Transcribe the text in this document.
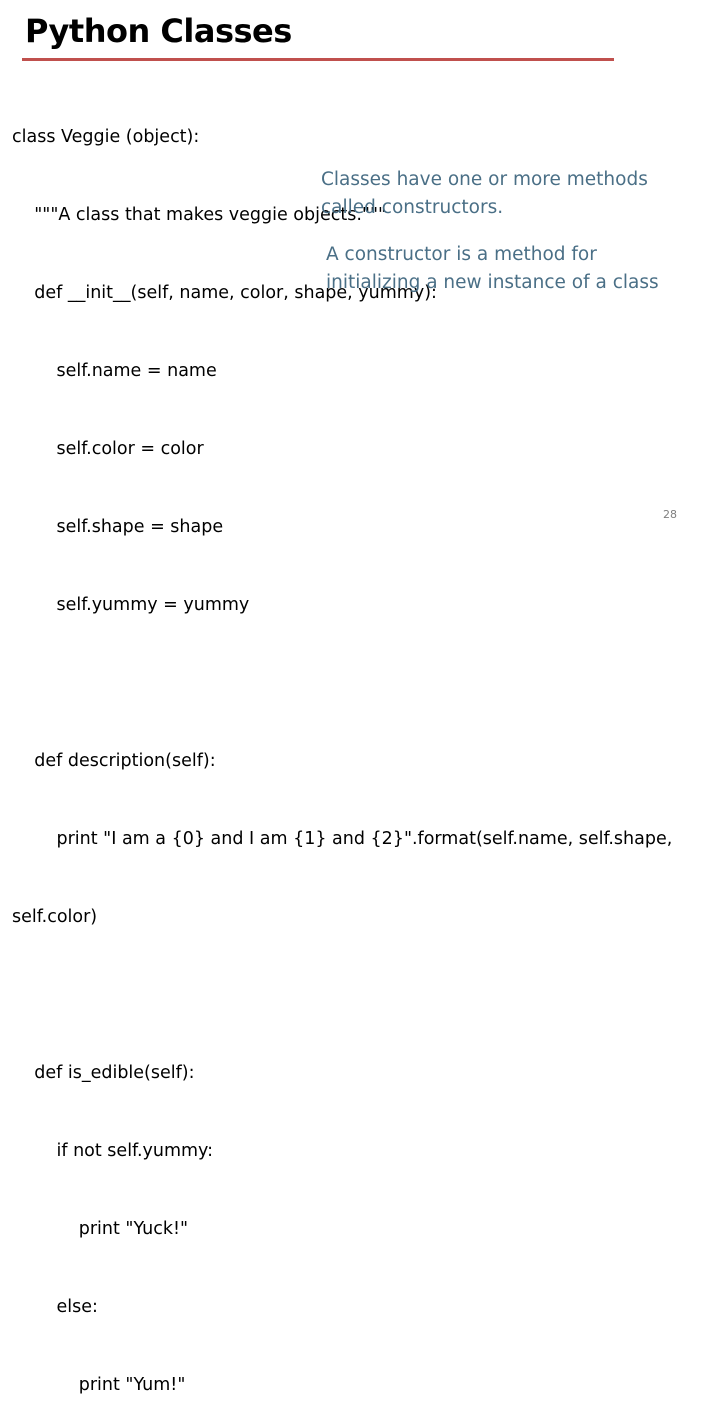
Python Classes

class Veggie (object):

"""A class that makes veggie objects."""

def __init__(self, name, color, shape, yummy):

self.name = name

self.color = color

self.shape = shape

self.yummy = yummy

def description(self):

print "I am a {0} and I am {1} and {2}".format(self.name, self.shape,

self.color)

def is_edible(self):

if not self.yummy:

print "Yuck!"

else:

print "Yum!"

Classes have one or more methods
called constructors.
A constructor is a method for
initializing a new instance of a class
28
